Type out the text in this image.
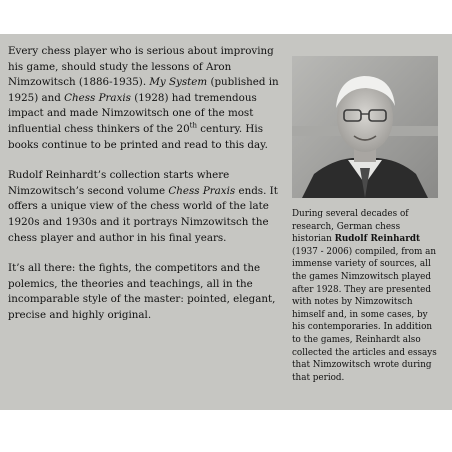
Every chess player who is serious about improving his game, should study the lessons of Aron Nimzowitsch (1886-1935). My System (published in 1925) and Chess Praxis (1928) had tremendous impact and made Nimzowitsch one of the most influential chess thinkers of the 20th century. His books continue to be printed and read to this day.

Rudolf Reinhardt’s collection starts where Nimzowitsch’s second volume Chess Praxis ends. It offers a unique view of the chess world of the late 1920s and 1930s and it portrays Nimzowitsch the chess player and author in his final years.

It’s all there: the fights, the competitors and the polemics, the theories and teachings, all in the incomparable style of the master: pointed, elegant, precise and highly original.

During several decades of research, German chess historian Rudolf Reinhardt (1937 - 2006) compiled, from an immense variety of sources, all the games Nimzowitsch played after 1928. They are presented with notes by Nimzowitsch himself and, in some cases, by his contemporaries. In addition to the games, Reinhardt also collected the articles and essays that Nimzowitsch wrote during that period.
